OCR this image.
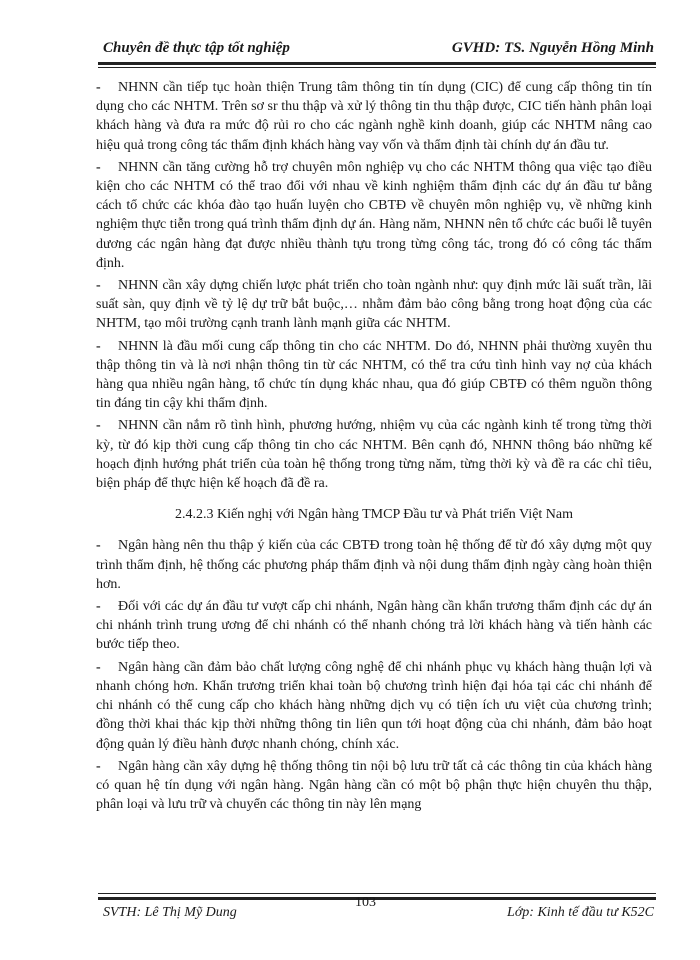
Chuyên đề thực tập tốt nghiệp	GVHD: TS. Nguyễn Hồng Minh

- NHNN cần tiếp tục hoàn thiện Trung tâm thông tin tín dụng (CIC) để cung cấp thông tin tín dụng cho các NHTM. Trên sơ sr thu thập và xử lý thông tin thu thập được, CIC tiến hành phân loại khách hàng và đưa ra mức độ rủi ro cho các ngành nghề kinh doanh, giúp các NHTM nâng cao hiệu quả trong công tác thẩm định khách hàng vay vốn và thẩm định tài chính dự án đầu tư.

- NHNN cần tăng cường hỗ trợ chuyên môn nghiệp vụ cho các NHTM thông qua việc tạo điều kiện cho các NHTM có thể trao đổi với nhau về kinh nghiệm thẩm định các dự án đầu tư bằng cách tổ chức các khóa đào tạo huấn luyện cho CBTĐ về chuyên môn nghiệp vụ, về những kinh nghiệm thực tiễn trong quá trình thẩm định dự án. Hàng năm, NHNN nên tổ chức các buổi lễ tuyên dương các ngân hàng đạt được nhiều thành tựu trong từng công tác, trong đó có công tác thẩm định.

- NHNN cần xây dựng chiến lược phát triển cho toàn ngành như: quy định mức lãi suất trần, lãi suất sàn, quy định về tỷ lệ dự trữ bắt buộc,… nhằm đảm bảo công bằng trong hoạt động của các NHTM, tạo môi trường cạnh tranh lành mạnh giữa các NHTM.

- NHNN là đầu mối cung cấp thông tin cho các NHTM. Do đó, NHNN phải thường xuyên thu thập thông tin và là nơi nhận thông tin từ các NHTM, có thể tra cứu tình hình vay nợ của khách hàng qua nhiều ngân hàng, tổ chức tín dụng khác nhau, qua đó giúp CBTĐ có thêm nguồn thông tin đáng tin cậy khi thẩm định.

- NHNN cần nắm rõ tình hình, phương hướng, nhiệm vụ của các ngành kinh tế trong từng thời kỳ, từ đó kịp thời cung cấp thông tin cho các NHTM. Bên cạnh đó, NHNN thông báo những kế hoạch định hướng phát triển của toàn hệ thống trong từng năm, từng thời kỳ và đề ra các chỉ tiêu, biện pháp để thực hiện kế hoạch đã đề ra.

2.4.2.3 Kiến nghị với Ngân hàng TMCP Đầu tư và Phát triển Việt Nam

- Ngân hàng nên thu thập ý kiến của các CBTĐ trong toàn hệ thống để từ đó xây dựng một quy trình thẩm định, hệ thống các phương pháp thẩm định và nội dung thẩm định ngày càng hoàn thiện hơn.

- Đối với các dự án đầu tư vượt cấp chi nhánh, Ngân hàng cần khẩn trương thẩm định các dự án chi nhánh trình trung ương để chi nhánh có thể nhanh chóng trả lời khách hàng và tiến hành các bước tiếp theo.

- Ngân hàng cần đảm bảo chất lượng công nghệ để chi nhánh phục vụ khách hàng thuận lợi và nhanh chóng hơn. Khẩn trương triển khai toàn bộ chương trình hiện đại hóa tại các chi nhánh để chi nhánh có thể cung cấp cho khách hàng những dịch vụ có tiện ích ưu việt của chương trình; đồng thời khai thác kịp thời những thông tin liên qun tới hoạt động của chi nhánh, đảm bảo hoạt động quản lý điều hành được nhanh chóng, chính xác.

- Ngân hàng cần xây dựng hệ thống thông tin nội bộ lưu trữ tất cả các thông tin của khách hàng có quan hệ tín dụng với ngân hàng. Ngân hàng cần có một bộ phận thực hiện chuyên thu thập, phân loại và lưu trữ và chuyển các thông tin này lên mạng

SVTH: Lê Thị Mỹ Dung
103
Lớp: Kinh tế đầu tư K52C
